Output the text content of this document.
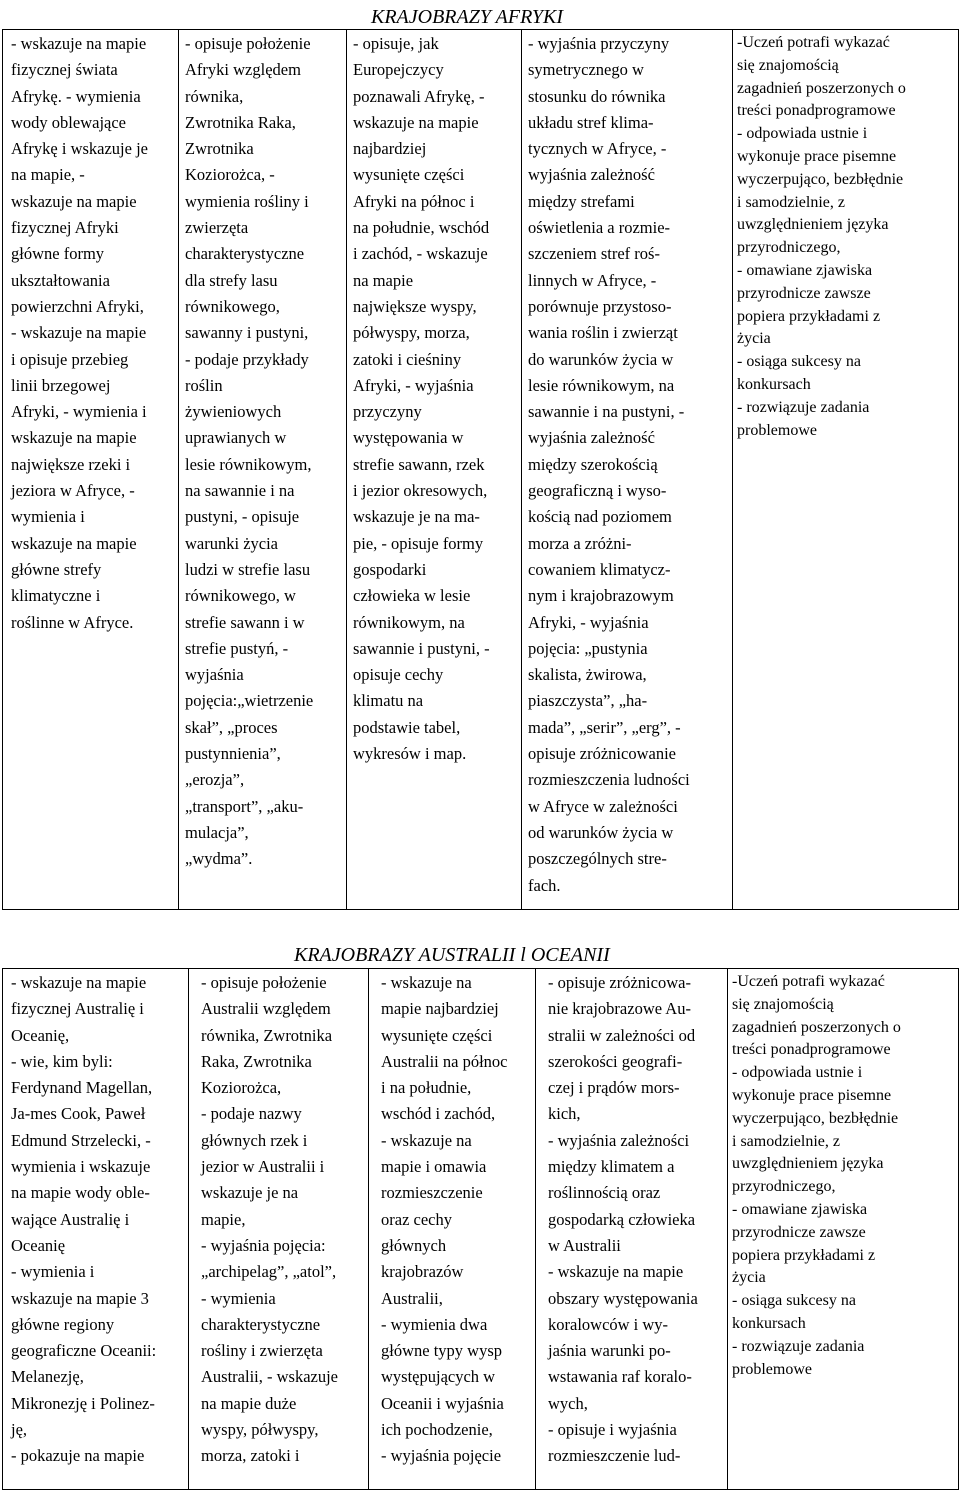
KRAJOBRAZY AFRYKI
- wskazuje na mapie
fizycznej świata
Afrykę. - wymienia
wody oblewające
Afrykę i wskazuje je
na mapie, -
wskazuje na mapie
fizycznej Afryki
główne formy
ukształtowania
powierzchni Afryki,
- wskazuje na mapie
i opisuje przebieg
linii brzegowej
Afryki, - wymienia i
wskazuje na mapie
największe rzeki i
jeziora w Afryce, -
wymienia i
wskazuje na mapie
główne strefy
klimatyczne i
roślinne w Afryce.

- opisuje położenie
Afryki względem
równika,
Zwrotnika Raka,
Zwrotnika
Koziorożca, -
wymienia rośliny i
zwierzęta
charakterystyczne
dla strefy lasu
równikowego,
sawanny i pustyni,
- podaje przykłady
roślin
żywieniowych
uprawianych w
lesie równikowym,
na sawannie i na
pustyni, - opisuje
warunki życia
ludzi w strefie lasu
równikowego, w
strefie sawann i w
strefie pustyń, -
wyjaśnia
pojęcia:„wietrzenie
skał”, „proces
pustynnienia”,
„erozja”,
„transport”, „aku-
mulacja”,
„wydma”.

- opisuje, jak
Europejczycy
poznawali Afrykę, -
wskazuje na mapie
najbardziej
wysunięte części
Afryki na północ i
na południe, wschód
i zachód, - wskazuje
na mapie
największe wyspy,
półwyspy, morza,
zatoki i cieśniny
Afryki, - wyjaśnia
przyczyny
występowania w
strefie sawann, rzek
i jezior okresowych,
wskazuje je na ma-
pie, - opisuje formy
gospodarki
człowieka w lesie
równikowym, na
sawannie i pustyni, -
opisuje cechy
klimatu na
podstawie tabel,
wykresów i map.

- wyjaśnia przyczyny
symetrycznego w
stosunku do równika
układu stref klima-
tycznych w Afryce, -
wyjaśnia zależność
między strefami
oświetlenia a rozmie-
szczeniem stref roś-
linnych w Afryce, -
porównuje przystoso-
wania roślin i zwierząt
do warunków życia w
lesie równikowym, na
sawannie i na pustyni, -
wyjaśnia zależność
między szerokością
geograficzną i wyso-
kością nad poziomem
morza a zróżni-
cowaniem klimatycz-
nym i krajobrazowym
Afryki, - wyjaśnia
pojęcia: „pustynia
skalista, żwirowa,
piaszczysta”, „ha-
mada”, „serir”, „erg”, -
opisuje zróżnicowanie
rozmieszczenia ludności
w Afryce w zależności
od warunków życia w
poszczególnych stre-
fach.

-Uczeń potrafi wykazać
się znajomością
zagadnień poszerzonych o
treści ponadprogramowe
- odpowiada ustnie i
wykonuje prace pisemne
wyczerpująco, bezbłędnie
i samodzielnie, z
uwzględnieniem języka
przyrodniczego,
- omawiane zjawiska
przyrodnicze zawsze
popiera przykładami z
życia
- osiąga sukcesy na
konkursach
- rozwiązuje zadania
problemowe
KRAJOBRAZY AUSTRALII l OCEANII
- wskazuje na mapie
fizycznej Australię i
Oceanię,
- wie, kim byli:
Ferdynand Magellan,
Ja-mes Cook, Paweł
Edmund Strzelecki, -
wymienia i wskazuje
na mapie wody oble-
wające Australię i
Oceanię
- wymienia i
wskazuje na mapie 3
główne regiony
geograficzne Oceanii:
Melanezję,
Mikronezję i Polinez-
ję,
- pokazuje na mapie

- opisuje położenie
Australii względem
równika, Zwrotnika
Raka, Zwrotnika
Koziorożca,
- podaje nazwy
głównych rzek i
jezior w Australii i
wskazuje je na
mapie,
- wyjaśnia pojęcia:
„archipelag”, „atol”,
- wymienia
charakterystyczne
rośliny i zwierzęta
Australii, - wskazuje
na mapie duże
wyspy, półwyspy,
morza, zatoki i

- wskazuje na
mapie najbardziej
wysunięte części
Australii na północ
i na południe,
wschód i zachód,
- wskazuje na
mapie i omawia
rozmieszczenie
oraz cechy
głównych
krajobrazów
Australii,
- wymienia dwa
główne typy wysp
występujących w
Oceanii i wyjaśnia
ich pochodzenie,
- wyjaśnia pojęcie

- opisuje zróżnicowa-
nie krajobrazowe Au-
stralii w zależności od
szerokości geografi-
czej i prądów mors-
kich,
- wyjaśnia zależności
między klimatem a
roślinnością oraz
gospodarką człowieka
w Australii
- wskazuje na mapie
obszary występowania
koralowców i wy-
jaśnia warunki po-
wstawania raf koralo-
wych,
- opisuje i wyjaśnia
rozmieszczenie lud-

-Uczeń potrafi wykazać
się znajomością
zagadnień poszerzonych o
treści ponadprogramowe
- odpowiada ustnie i
wykonuje prace pisemne
wyczerpująco, bezbłędnie
i samodzielnie, z
uwzględnieniem języka
przyrodniczego,
- omawiane zjawiska
przyrodnicze zawsze
popiera przykładami z
życia
- osiąga sukcesy na
konkursach
- rozwiązuje zadania
problemowe
